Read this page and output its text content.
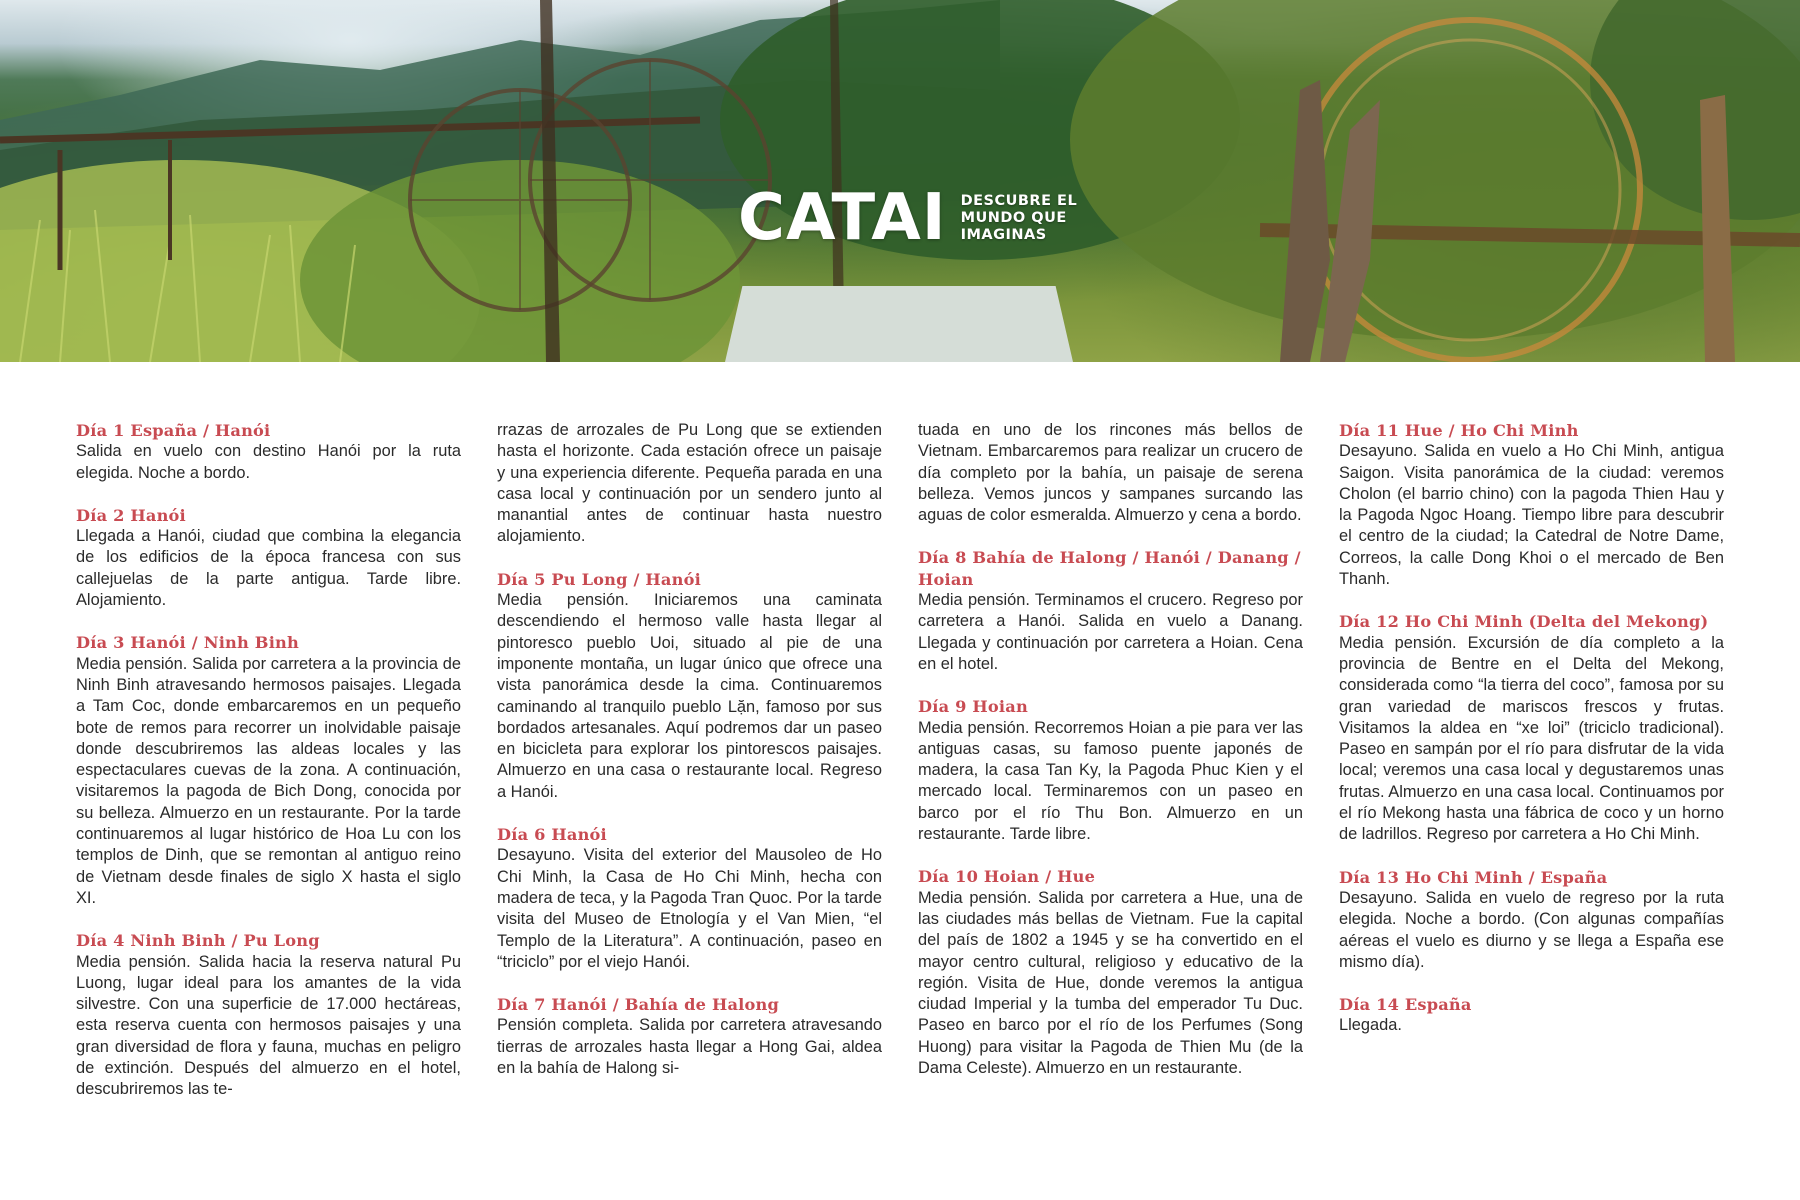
CATAI DESCUBRE EL
MUNDO QUE
IMAGINAS
Día 1 España / Hanói

Salida en vuelo con destino Hanói por la ruta elegida. Noche a bordo.

Día 2 Hanói

Llegada a Hanói, ciudad que combina la elegancia de los edificios de la época francesa con sus callejuelas de la parte antigua. Tarde libre. Alojamiento.

Día 3 Hanói / Ninh Binh

Media pensión. Salida por carretera a la provincia de Ninh Binh atravesando hermosos paisajes. Llegada a Tam Coc, donde embarcaremos en un pequeño bote de remos para recorrer un inolvidable paisaje donde descubriremos las aldeas locales y las espectaculares cuevas de la zona. A continuación, visitaremos la pagoda de Bich Dong, conocida por su belleza. Almuerzo en un restaurante. Por la tarde continuaremos al lugar histórico de Hoa Lu con los templos de Dinh, que se remontan al antiguo reino de Vietnam desde finales de siglo X hasta el siglo XI.

Día 4 Ninh Binh / Pu Long

Media pensión. Salida hacia la reserva natural Pu Luong, lugar ideal para los amantes de la vida silvestre. Con una superficie de 17.000 hectáreas, esta reserva cuenta con hermosos paisajes y una gran diversidad de flora y fauna, muchas en peligro de extinción. Después del almuerzo en el hotel, descubriremos las te-

rrazas de arrozales de Pu Long que se extienden hasta el horizonte. Cada estación ofrece un paisaje y una experiencia diferente. Pequeña parada en una casa local y continuación por un sendero junto al manantial antes de continuar hasta nuestro alojamiento.

Día 5 Pu Long / Hanói

Media pensión. Iniciaremos una caminata descendiendo el hermoso valle hasta llegar al pintoresco pueblo Uoi, situado al pie de una imponente montaña, un lugar único que ofrece una vista panorámica desde la cima. Continuaremos caminando al tranquilo pueblo Lặn, famoso por sus bordados artesanales. Aquí podremos dar un paseo en bicicleta para explorar los pintorescos paisajes. Almuerzo en una casa o restaurante local. Regreso a Hanói.

Día 6 Hanói

Desayuno. Visita del exterior del Mausoleo de Ho Chi Minh, la Casa de Ho Chi Minh, hecha con madera de teca, y la Pagoda Tran Quoc. Por la tarde visita del Museo de Etnología y el Van Mien, “el Templo de la Literatura”. A continuación, paseo en “triciclo” por el viejo Hanói.

Día 7 Hanói / Bahía de Halong

Pensión completa. Salida por carretera atravesando tierras de arrozales hasta llegar a Hong Gai, aldea en la bahía de Halong si-

tuada en uno de los rincones más bellos de Vietnam. Embarcaremos para realizar un crucero de día completo por la bahía, un paisaje de serena belleza. Vemos juncos y sampanes surcando las aguas de color esmeralda. Almuerzo y cena a bordo.

Día 8 Bahía de Halong / Hanói / Danang / Hoian

Media pensión. Terminamos el crucero. Regreso por carretera a Hanói. Salida en vuelo a Danang. Llegada y continuación por carretera a Hoian. Cena en el hotel.

Día 9 Hoian

Media pensión. Recorremos Hoian a pie para ver las antiguas casas, su famoso puente japonés de madera, la casa Tan Ky, la Pagoda Phuc Kien y el mercado local. Terminaremos con un paseo en barco por el río Thu Bon. Almuerzo en un restaurante. Tarde libre.

Día 10 Hoian / Hue

Media pensión. Salida por carretera a Hue, una de las ciudades más bellas de Vietnam. Fue la capital del país de 1802 a 1945 y se ha convertido en el mayor centro cultural, religioso y educativo de la región. Visita de Hue, donde veremos la antigua ciudad Imperial y la tumba del emperador Tu Duc. Paseo en barco por el río de los Perfumes (Song Huong) para visitar la Pagoda de Thien Mu (de la Dama Celeste). Almuerzo en un restaurante.

Día 11 Hue / Ho Chi Minh

Desayuno. Salida en vuelo a Ho Chi Minh, antigua Saigon. Visita panorámica de la ciudad: veremos Cholon (el barrio chino) con la pagoda Thien Hau y la Pagoda Ngoc Hoang. Tiempo libre para descubrir el centro de la ciudad; la Catedral de Notre Dame, Correos, la calle Dong Khoi o el mercado de Ben Thanh.

Día 12 Ho Chi Minh (Delta del Mekong)

Media pensión. Excursión de día completo a la provincia de Bentre en el Delta del Mekong, considerada como “la tierra del coco”, famosa por su gran variedad de mariscos frescos y frutas. Visitamos la aldea en “xe loi” (triciclo tradicional). Paseo en sampán por el río para disfrutar de la vida local; veremos una casa local y degustaremos unas frutas. Almuerzo en una casa local. Continuamos por el río Mekong hasta una fábrica de coco y un horno de ladrillos. Regreso por carretera a Ho Chi Minh.

Día 13 Ho Chi Minh / España

Desayuno. Salida en vuelo de regreso por la ruta elegida. Noche a bordo. (Con algunas compañías aéreas el vuelo es diurno y se llega a España ese mismo día).

Día 14 España

Llegada.
